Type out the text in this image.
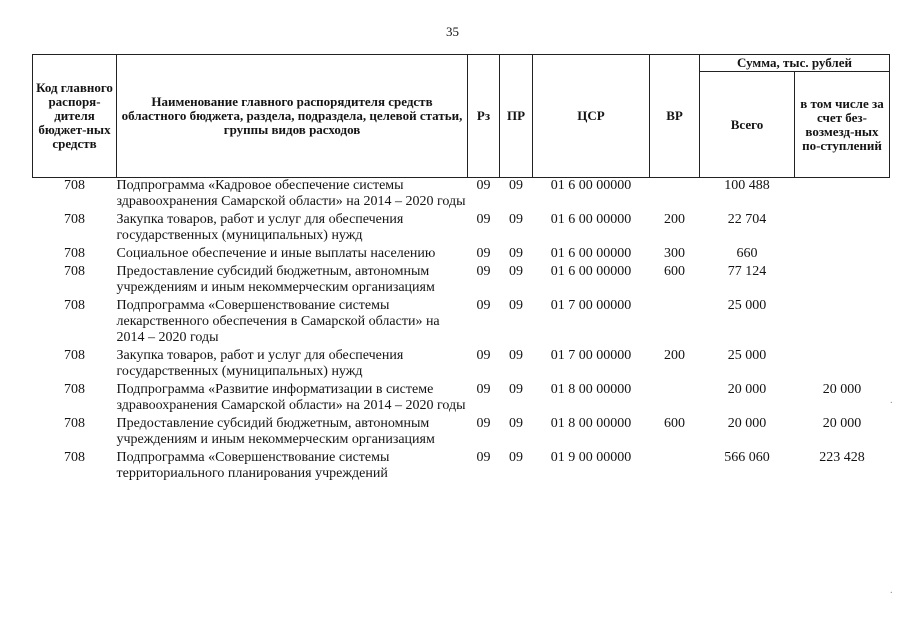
35
Код главного распоря-дителя бюджет-ных средств	Наименование главного распорядителя средств областного бюджета, раздела, подраздела, целевой статьи, группы видов расходов	Рз	ПР	ЦСР	ВР	Сумма, тыс. рублей	
						Всего	в том числе за счет без-возмезд-ных по-ступлений
708	Подпрограмма «Кадровое обеспечение системы здравоохранения Самарской области» на 2014 – 2020 годы	09	09	01 6 00 00000		100 488	
708	Закупка товаров, работ и услуг для обеспечения государственных (муниципальных) нужд	09	09	01 6 00 00000	200	22 704	
708	Социальное обеспечение и иные выплаты населению	09	09	01 6 00 00000	300	660	
708	Предоставление субсидий бюджетным, автономным учреждениям и иным некоммерческим организациям	09	09	01 6 00 00000	600	77 124	
708	Подпрограмма «Совершенствование системы лекарственного обеспечения в Самарской области» на 2014 – 2020 годы	09	09	01 7 00 00000		25 000	
708	Закупка товаров, работ и услуг для обеспечения государственных (муниципальных) нужд	09	09	01 7 00 00000	200	25 000	
708	Подпрограмма «Развитие информатизации в системе здравоохранения Самарской области» на 2014 – 2020 годы	09	09	01 8 00 00000		20 000	20 000
708	Предоставление субсидий бюджетным, автономным учреждениям и иным некоммерческим организациям	09	09	01 8 00 00000	600	20 000	20 000
708	Подпрограмма «Совершенствование системы территориального планирования учреждений	09	09	01 9 00 00000		566 060	223 428
·
·
